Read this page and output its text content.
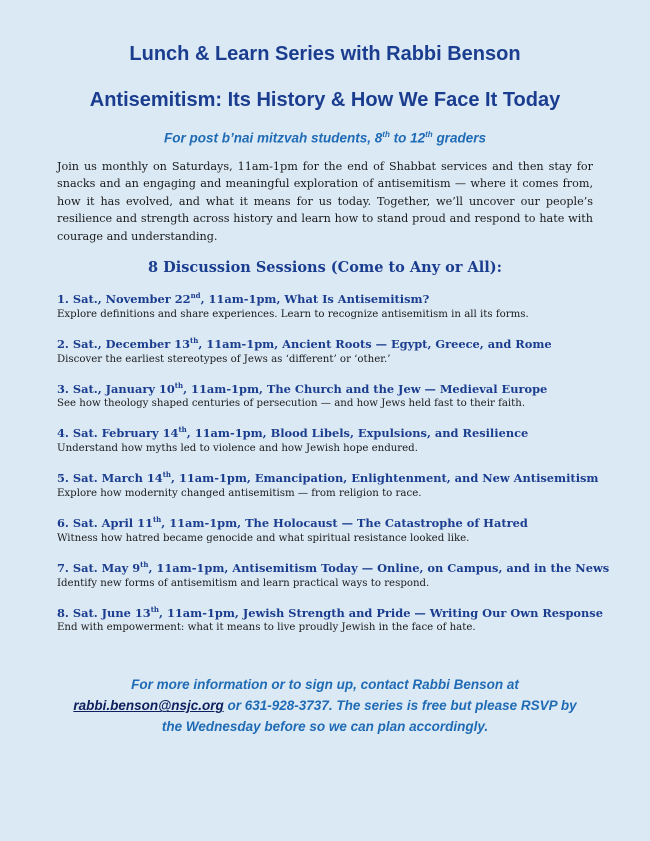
Lunch & Learn Series with Rabbi Benson
Antisemitism: Its History & How We Face It Today
For post b’nai mitzvah students, 8th to 12th graders

Join us monthly on Saturdays, 11am-1pm for the end of Shabbat services and then stay for snacks and an engaging and meaningful exploration of antisemitism — where it comes from, how it has evolved, and what it means for us today. Together, we’ll uncover our people’s resilience and strength across history and learn how to stand proud and respond to hate with courage and understanding.

8 Discussion Sessions (Come to Any or All):
1. Sat., November 22nd, 11am-1pm, What Is Antisemitism?
Explore definitions and share experiences. Learn to recognize antisemitism in all its forms.
2. Sat., December 13th, 11am-1pm, Ancient Roots — Egypt, Greece, and Rome
Discover the earliest stereotypes of Jews as ‘different’ or ‘other.’
3. Sat., January 10th, 11am-1pm, The Church and the Jew — Medieval Europe
See how theology shaped centuries of persecution — and how Jews held fast to their faith.
4. Sat. February 14th, 11am-1pm, Blood Libels, Expulsions, and Resilience
Understand how myths led to violence and how Jewish hope endured.
5. Sat. March 14th, 11am-1pm, Emancipation, Enlightenment, and New Antisemitism
Explore how modernity changed antisemitism — from religion to race.
6. Sat. April 11th, 11am-1pm, The Holocaust — The Catastrophe of Hatred
Witness how hatred became genocide and what spiritual resistance looked like.
7. Sat. May 9th, 11am-1pm, Antisemitism Today — Online, on Campus, and in the News
Identify new forms of antisemitism and learn practical ways to respond.
8. Sat. June 13th, 11am-1pm, Jewish Strength and Pride — Writing Our Own Response
End with empowerment: what it means to live proudly Jewish in the face of hate.
For more information or to sign up, contact Rabbi Benson at
rabbi.benson@nsjc.org or 631-928-3737. The series is free but please RSVP by
the Wednesday before so we can plan accordingly.
